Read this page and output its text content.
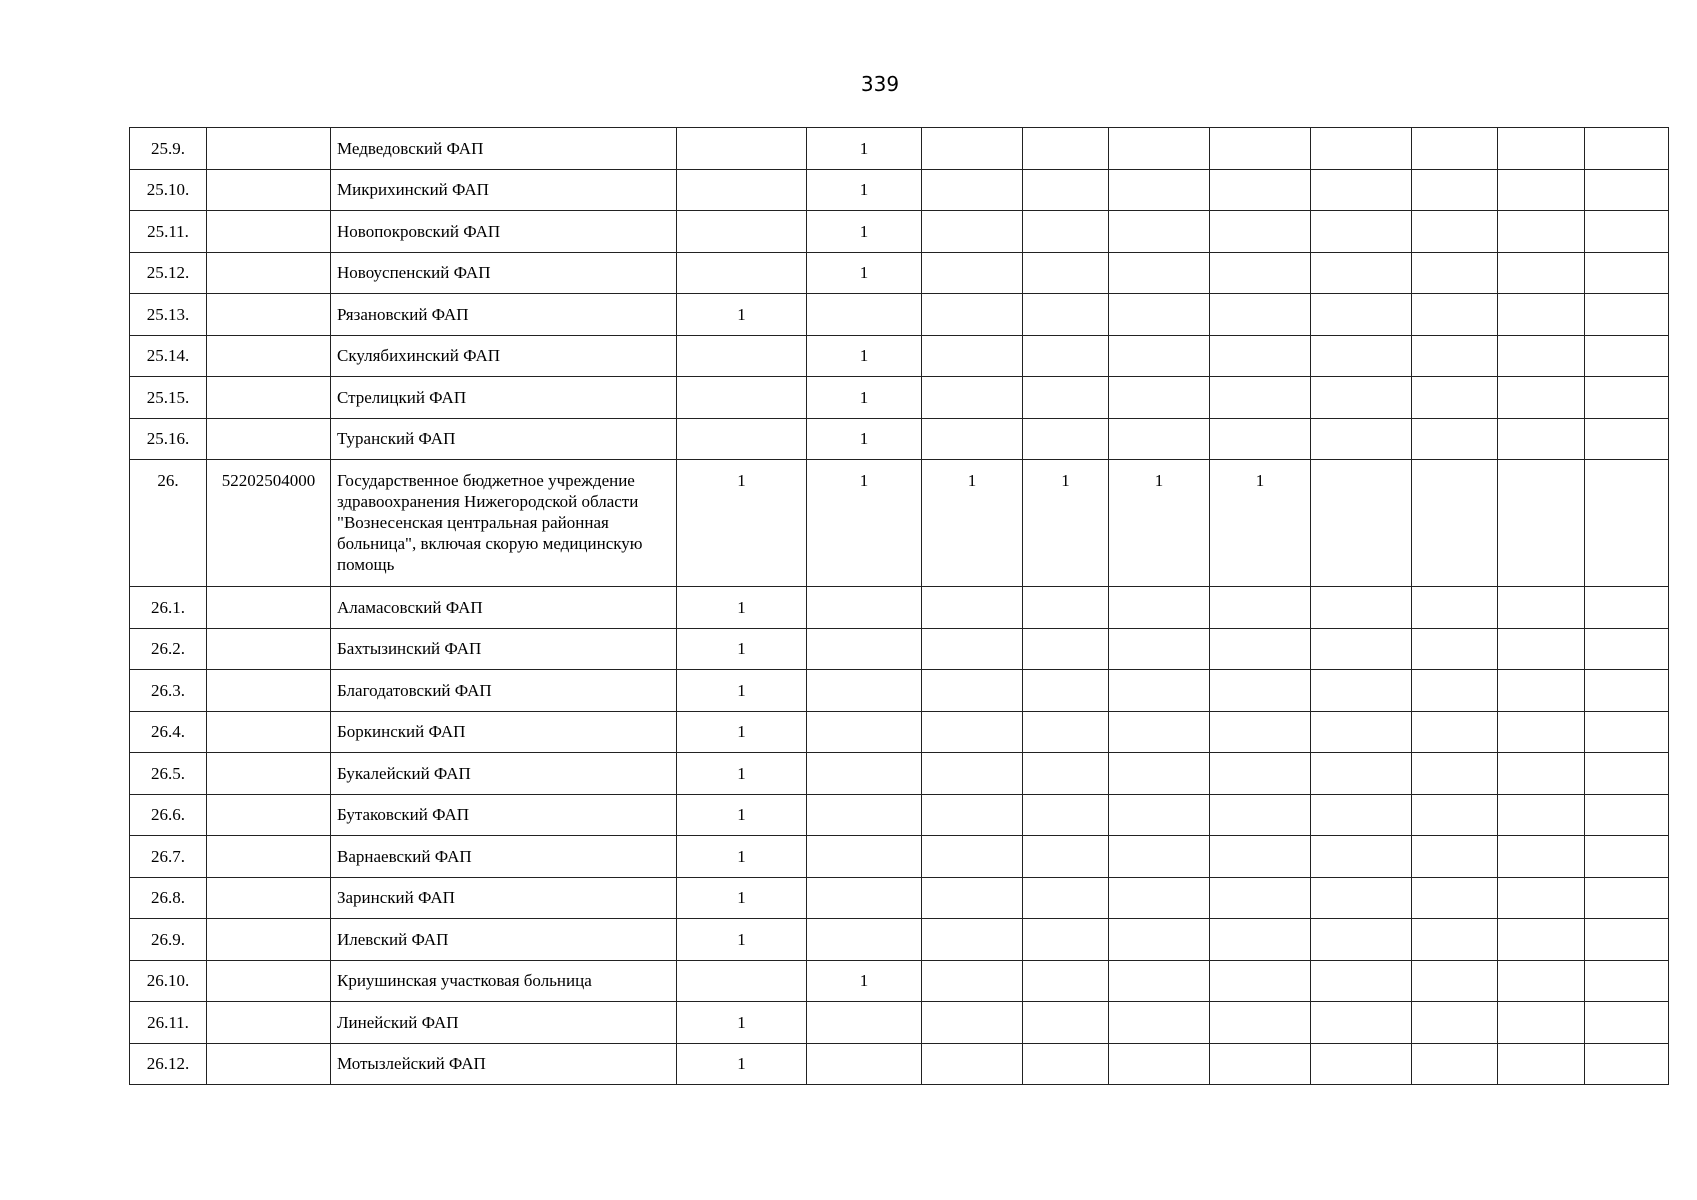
339
25.9.		Медведовский ФАП		1								
25.10.		Микрихинский ФАП		1								
25.11.		Новопокровский ФАП		1								
25.12.		Новоуспенский ФАП		1								
25.13.		Рязановский ФАП	1									
25.14.		Скулябихинский ФАП		1								
25.15.		Стрелицкий ФАП		1								
25.16.		Туранский ФАП		1								
26.	52202504000	Государственное бюджетное учреждение здравоохранения Нижегородской области "Вознесенская центральная районная больница", включая скорую медицинскую помощь	1	1	1	1	1	1				
26.1.		Аламасовский ФАП	1									
26.2.		Бахтызинский ФАП	1									
26.3.		Благодатовский ФАП	1									
26.4.		Боркинский ФАП	1									
26.5.		Букалейский ФАП	1									
26.6.		Бутаковский ФАП	1									
26.7.		Варнаевский ФАП	1									
26.8.		Заринский ФАП	1									
26.9.		Илевский ФАП	1									
26.10.		Криушинская участковая больница		1								
26.11.		Линейский ФАП	1									
26.12.		Мотызлейский ФАП	1									
